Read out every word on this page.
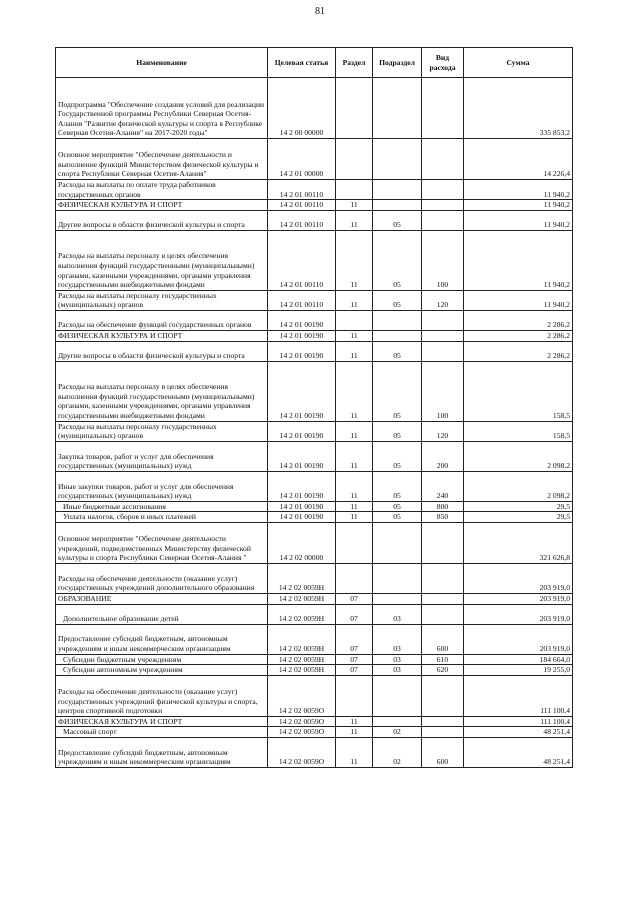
81
Наименование	Целевая статья	Раздел	Подраздел	Вид расхода	Сумма
Подпрограмма "Обеспечение создания условий для реализации Государственной программы Республики Северная Осетия-Алания "Развитие физической культуры и спорта в Республике Северная Осетия-Алания" на 2017-2020 годы"	14 2 00 00000				335 853,2
Основное мероприятие "Обеспечение деятельности и выполнение функций Министерством физической культуры и спорта Республики Северная Осетия-Алания"	14 2 01 00000				14 226,4
Расходы на выплаты по оплате труда работников государственных органов	14 2 01 00110				11 940,2
ФИЗИЧЕСКАЯ КУЛЬТУРА И СПОРТ	14 2 01 00110	11			11 940,2
Другие вопросы в области физической культуры и спорта	14 2 01 00110	11	05		11 940,2
Расходы на выплаты персоналу в целях обеспечения выполнения функций государственными (муниципальными) органами, казенными учреждениями, органами управления государственными внебюджетными фондами	14 2 01 00110	11	05	100	11 940,2
Расходы на выплаты персоналу государственных (муниципальных) органов	14 2 01 00110	11	05	120	11 940,2
Расходы на обеспечение функций государственных органов	14 2 01 00190				2 286,2
ФИЗИЧЕСКАЯ КУЛЬТУРА И СПОРТ	14 2 01 00190	11			2 286,2
Другие вопросы в области физической культуры и спорта	14 2 01 00190	11	05		2 286,2
Расходы на выплаты персоналу в целях обеспечения выполнения функций государственными (муниципальными) органами, казенными учреждениями, органами управления государственными внебюджетными фондами	14 2 01 00190	11	05	100	158,5
Расходы на выплаты персоналу государственных (муниципальных) органов	14 2 01 00190	11	05	120	158,5
Закупка товаров, работ и услуг для обеспечения государственных (муниципальных) нужд	14 2 01 00190	11	05	200	2 098,2
Иные закупки товаров, работ и услуг для обеспечения государственных (муниципальных) нужд	14 2 01 00190	11	05	240	2 098,2
Иные бюджетные ассигнования	14 2 01 00190	11	05	800	29,5
Уплата налогов, сборов и иных платежей	14 2 01 00190	11	05	850	29,5
Основное мероприятие "Обеспечение деятельности учреждений, подведомственных Министерству физической культуры и спорта Республики Северная Осетия-Алания "	14 2 02 00000				321 626,8
Расходы на обеспечение деятельности (оказание услуг) государственных учреждений дополнительного образования	14 2 02 0059Н				203 919,0
ОБРАЗОВАНИЕ	14 2 02 0059Н	07			203 919,0
Дополнительное образование детей	14 2 02 0059Н	07	03		203 919,0
Предоставление субсидий бюджетным, автономным учреждениям и иным некоммерческим организациям	14 2 02 0059Н	07	03	600	203 919,0
Субсидии бюджетным учреждениям	14 2 02 0059Н	07	03	610	184 664,0
Субсидии автономным учреждениям	14 2 02 0059Н	07	03	620	19 255,0
Расходы на обеспечение деятельности (оказание услуг) государственных учреждений физической культуры и спорта, центров спортивной подготовки	14 2 02 0059О				111 100,4
ФИЗИЧЕСКАЯ КУЛЬТУРА И СПОРТ	14 2 02 0059О	11			111 100,4
Массовый спорт	14 2 02 0059О	11	02		48 251,4
Предоставление субсидий бюджетным, автономным учреждениям и иным некоммерческим организациям	14 2 02 0059О	11	02	600	48 251,4
